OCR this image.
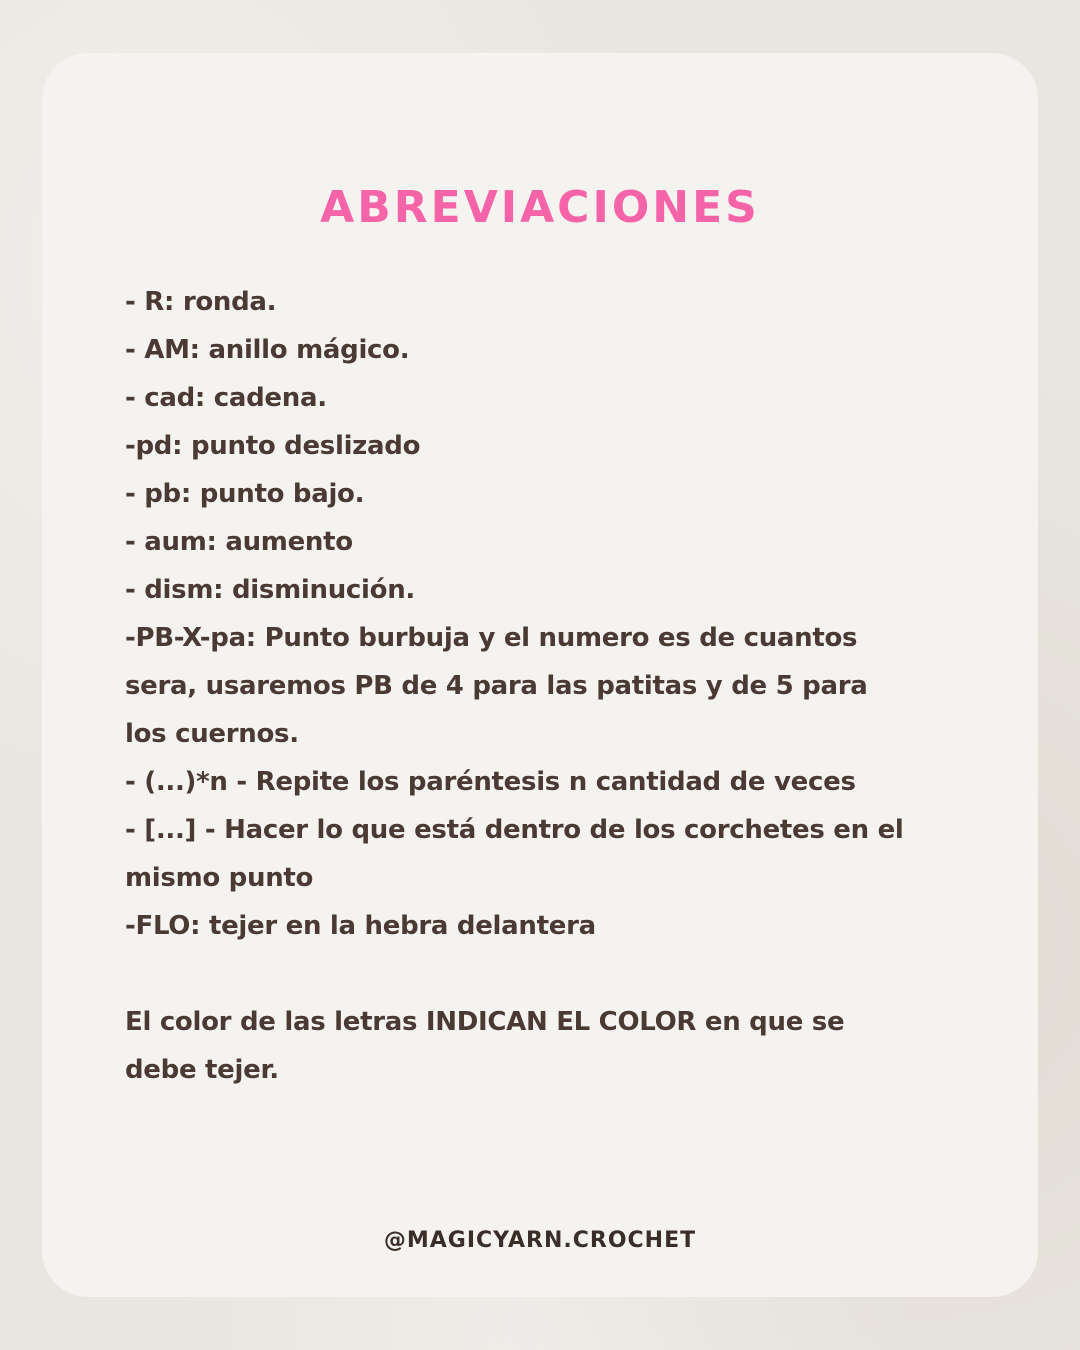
ABREVIACIONES
- R: ronda.
- AM: anillo mágico.
- cad: cadena.
-pd: punto deslizado
- pb: punto bajo.
- aum: aumento
- dism: disminución.
-PB-X-pa: Punto burbuja y el numero es de cuantos
sera, usaremos PB de 4 para las patitas y de 5 para
los cuernos.
- (...)*n - Repite los paréntesis n cantidad de veces
- [...] - Hacer lo que está dentro de los corchetes en el
mismo punto
-FLO: tejer en la hebra delantera
El color de las letras INDICAN EL COLOR en que se
debe tejer.
@MAGICYARN.CROCHET
